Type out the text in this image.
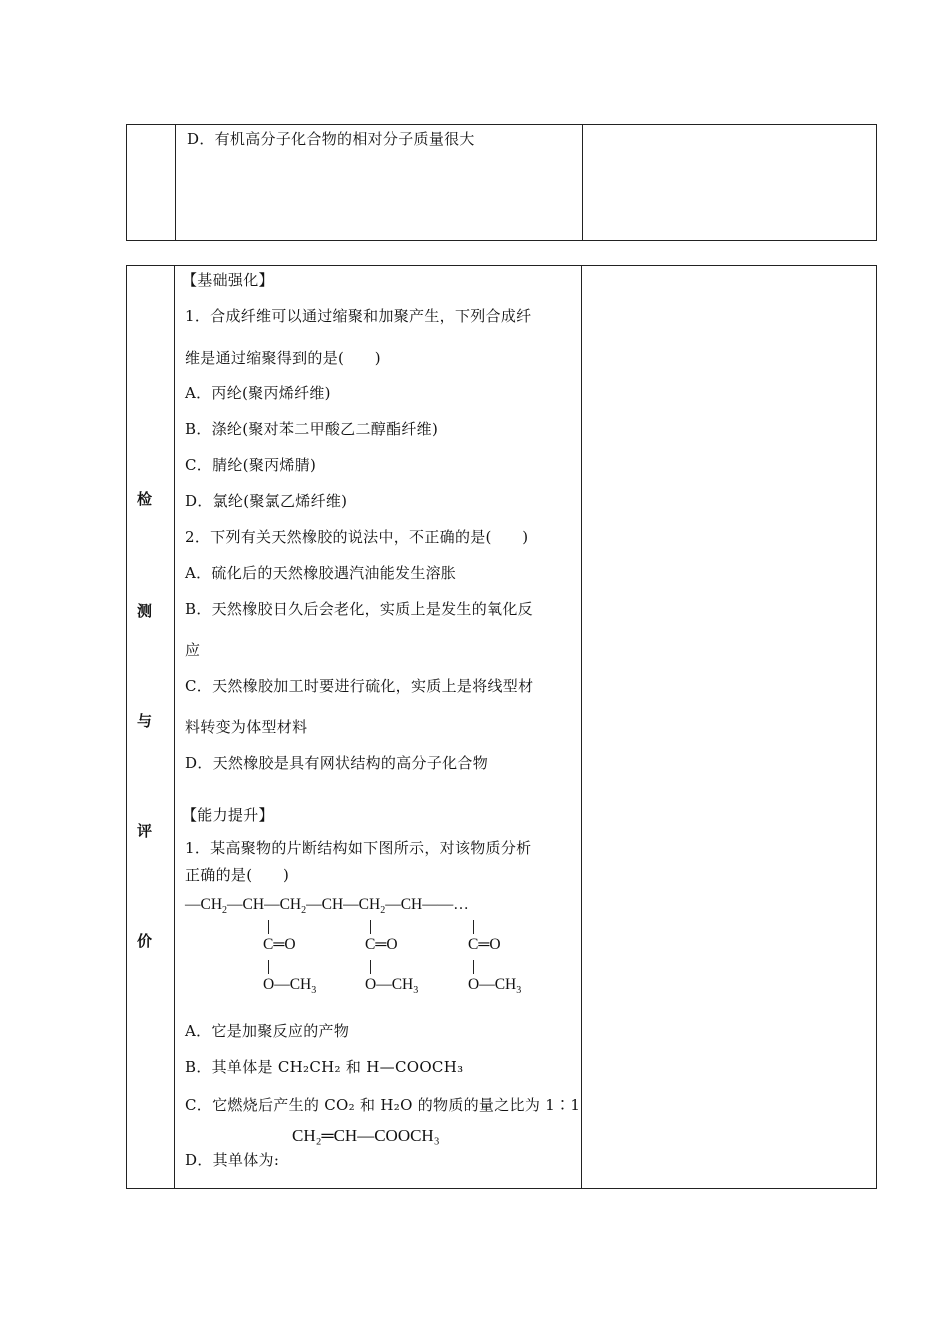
D．有机高分子化合物的相对分子质量很大
检
测
与
评
价
【基础强化】
1．合成纤维可以通过缩聚和加聚产生，下列合成纤
维是通过缩聚得到的是(　　)
A．丙纶(聚丙烯纤维)
B．涤纶(聚对苯二甲酸乙二醇酯纤维)
C．腈纶(聚丙烯腈)
D．氯纶(聚氯乙烯纤维)
2．下列有关天然橡胶的说法中，不正确的是(　　)
A．硫化后的天然橡胶遇汽油能发生溶胀
B．天然橡胶日久后会老化，实质上是发生的氧化反
应
C．天然橡胶加工时要进行硫化，实质上是将线型材
料转变为体型材料
D．天然橡胶是具有网状结构的高分子化合物
【能力提升】
1．某高聚物的片断结构如下图所示，对该物质分析
正确的是(　　)
$—CH_2—CH—CH_2—CH—CH_2—CH——\dots$
C═O	C═O	C═O
$O—CH_3$	$O—CH_3$	$O—CH_3$
A．它是加聚反应的产物
B．其单体是 CH₂CH₂ 和 H—COOCH₃
C．它燃烧后产生的 CO₂ 和 H₂O 的物质的量之比为 1∶1
D．其单体为:
CH₂═CH—COOCH₃
